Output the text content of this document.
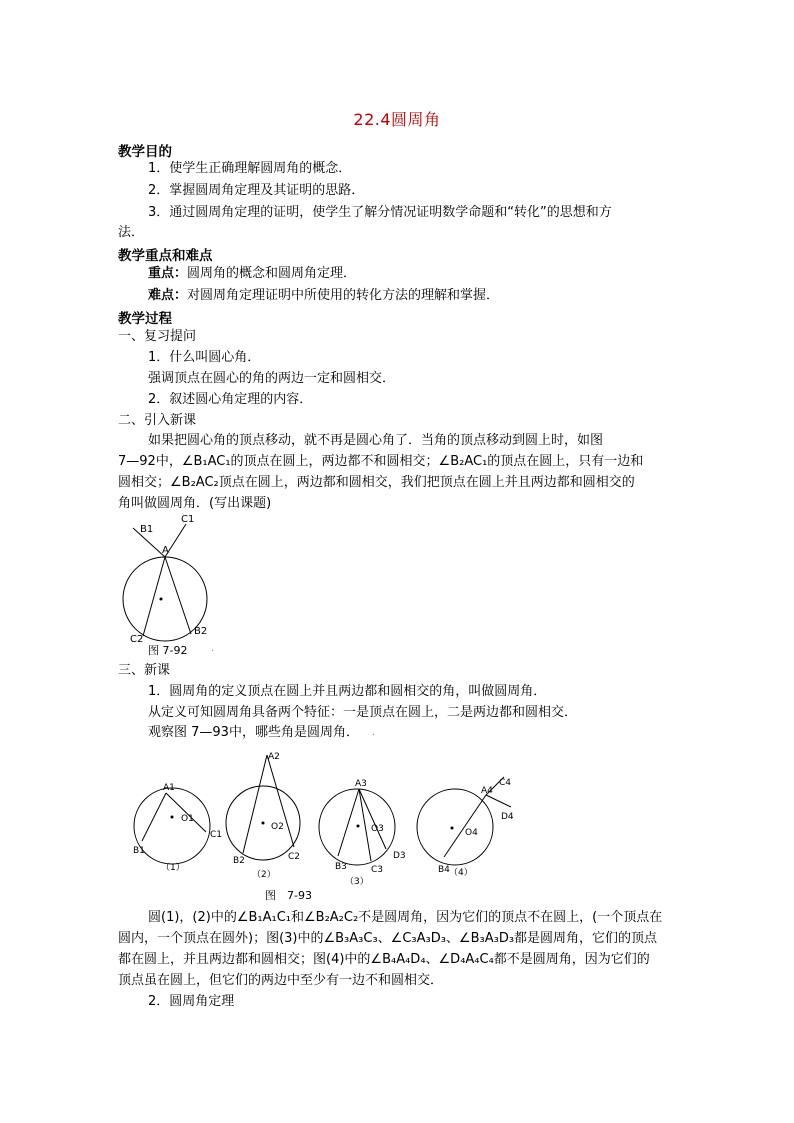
22.4圆周角
教学目的
1．使学生正确理解圆周角的概念．
2．掌握圆周角定理及其证明的思路．
3．通过圆周角定理的证明，使学生了解分情况证明数学命题和“转化”的思想和方
法．
教学重点和难点
重点：圆周角的概念和圆周角定理．
难点：对圆周角定理证明中所使用的转化方法的理解和掌握．
教学过程
一、复习提问
1．什么叫圆心角．
强调顶点在圆心的角的两边一定和圆相交．
2．叙述圆心角定理的内容．
二、引入新课
如果把圆心角的顶点移动，就不再是圆心角了．当角的顶点移动到圆上时，如图
7—92中，∠B₁AC₁的顶点在圆上，两边都不和圆相交；∠B₂AC₁的顶点在圆上，只有一边和
圆相交；∠B₂AC₂顶点在圆上，两边都和圆相交，我们把顶点在圆上并且两边都和圆相交的
角叫做圆周角．(写出课题)
B1
C1
A
C2
B2
图 7-92 ·
三、新课
1．圆周角的定义顶点在圆上并且两边都和圆相交的角，叫做圆周角．
从定义可知圆周角具备两个特征：一是顶点在圆上，二是两边都和圆相交．
观察图 7—93中，哪些角是圆周角． ·
A1
O1
C1
B1
（1）
A2
O2
B2	C2
（2）
A3
O3
B3	C3
D3
（3）
A4
C4
D4
O4
B4 （4）
图　7-93
圆(1)，(2)中的∠B₁A₁C₁和∠B₂A₂C₂不是圆周角，因为它们的顶点不在圆上，(一个顶点在
圆内，一个顶点在圆外)；图(3)中的∠B₃A₃C₃、∠C₃A₃D₃、∠B₃A₃D₃都是圆周角，它们的顶点
都在圆上，并且两边都和圆相交；图(4)中的∠B₄A₄D₄、∠D₄A₄C₄都不是圆周角，因为它们的
顶点虽在圆上，但它们的两边中至少有一边不和圆相交．
2．圆周角定理
